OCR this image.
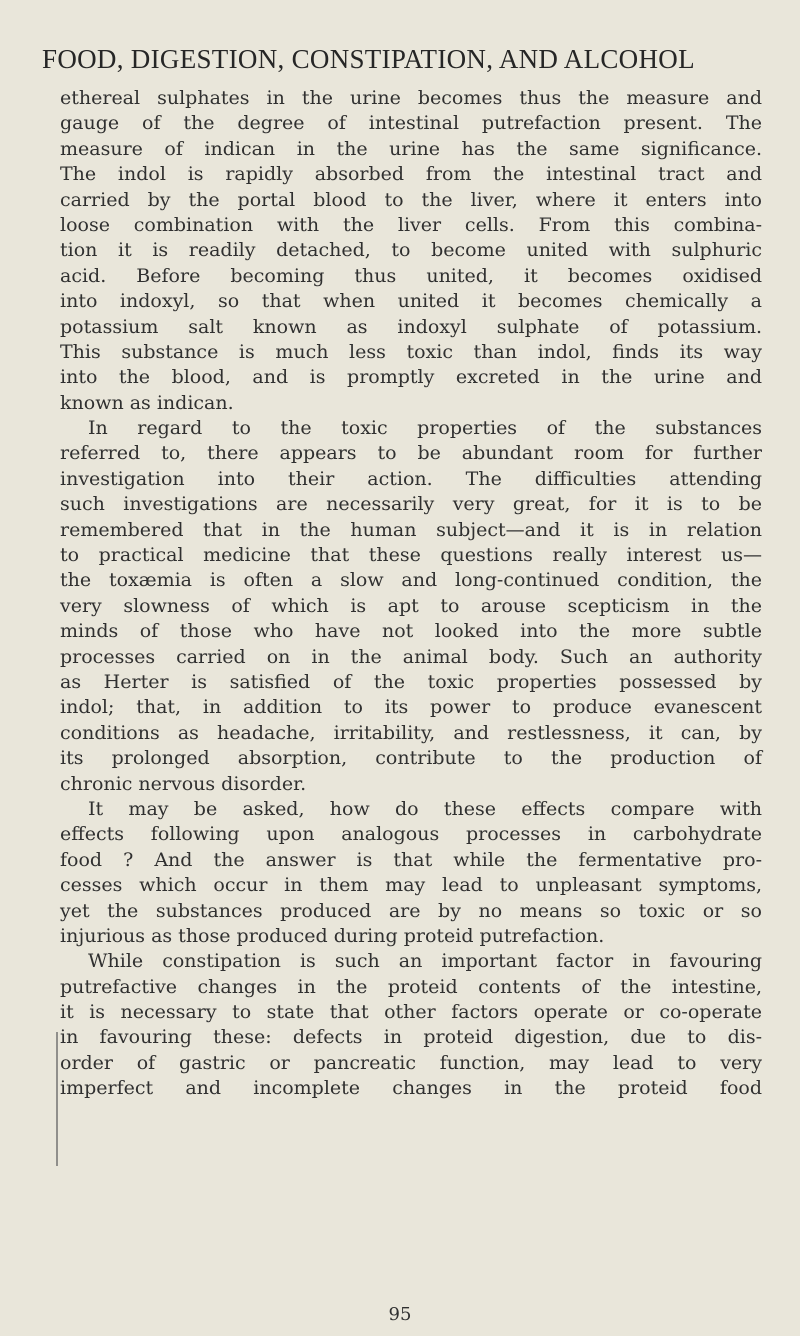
FOOD, DIGESTION, CONSTIPATION, AND ALCOHOL
ethereal sulphates in the urine becomes thus the measure and
gauge of the degree of intestinal putrefaction present. The
measure of indican in the urine has the same significance.
The indol is rapidly absorbed from the intestinal tract and
carried by the portal blood to the liver, where it enters into
loose combination with the liver cells. From this combina-
tion it is readily detached, to become united with sulphuric
acid. Before becoming thus united, it becomes oxidised
into indoxyl, so that when united it becomes chemically a
potassium salt known as indoxyl sulphate of potassium.
This substance is much less toxic than indol, finds its way
into the blood, and is promptly excreted in the urine and
known as indican.
In regard to the toxic properties of the substances
referred to, there appears to be abundant room for further
investigation into their action. The difficulties attending
such investigations are necessarily very great, for it is to be
remembered that in the human subject—and it is in relation
to practical medicine that these questions really interest us—
the toxæmia is often a slow and long-continued condition, the
very slowness of which is apt to arouse scepticism in the
minds of those who have not looked into the more subtle
processes carried on in the animal body. Such an authority
as Herter is satisfied of the toxic properties possessed by
indol; that, in addition to its power to produce evanescent
conditions as headache, irritability, and restlessness, it can, by
its prolonged absorption, contribute to the production of
chronic nervous disorder.
It may be asked, how do these effects compare with
effects following upon analogous processes in carbohydrate
food ? And the answer is that while the fermentative pro-
cesses which occur in them may lead to unpleasant symptoms,
yet the substances produced are by no means so toxic or so
injurious as those produced during proteid putrefaction.
While constipation is such an important factor in favouring
putrefactive changes in the proteid contents of the intestine,
it is necessary to state that other factors operate or co-operate
in favouring these: defects in proteid digestion, due to dis-
order of gastric or pancreatic function, may lead to very
imperfect and incomplete changes in the proteid food
95
